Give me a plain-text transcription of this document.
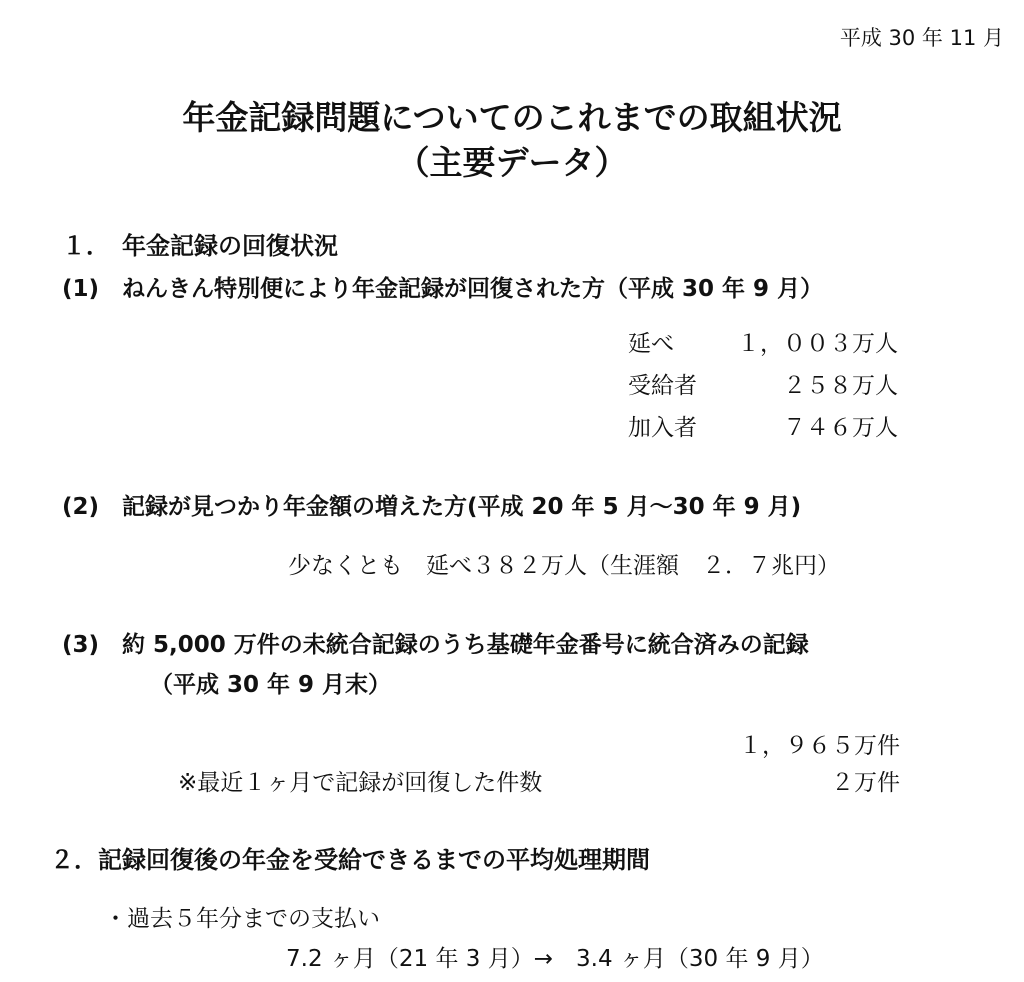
平成 30 年 11 月
年金記録問題についてのこれまでの取組状況
（主要データ）
１．　年金記録の回復状況
(1)　ねんきん特別便により年金記録が回復された方（平成 30 年 9 月）
延べ	１，００３万人
受給者	２５８万人
加入者	７４６万人
(2)　記録が見つかり年金額の増えた方(平成 20 年 5 月～30 年 9 月)
少なくとも　延べ３８２万人（生涯額　２．７兆円）
(3)　約 5,000 万件の未統合記録のうち基礎年金番号に統合済みの記録
（平成 30 年 9 月末）
１，９６５万件
※最近１ヶ月で記録が回復した件数	２万件
２．記録回復後の年金を受給できるまでの平均処理期間
・過去５年分までの支払い
7.2 ヶ月（21 年 3 月）→　3.4 ヶ月（30 年 9 月）
